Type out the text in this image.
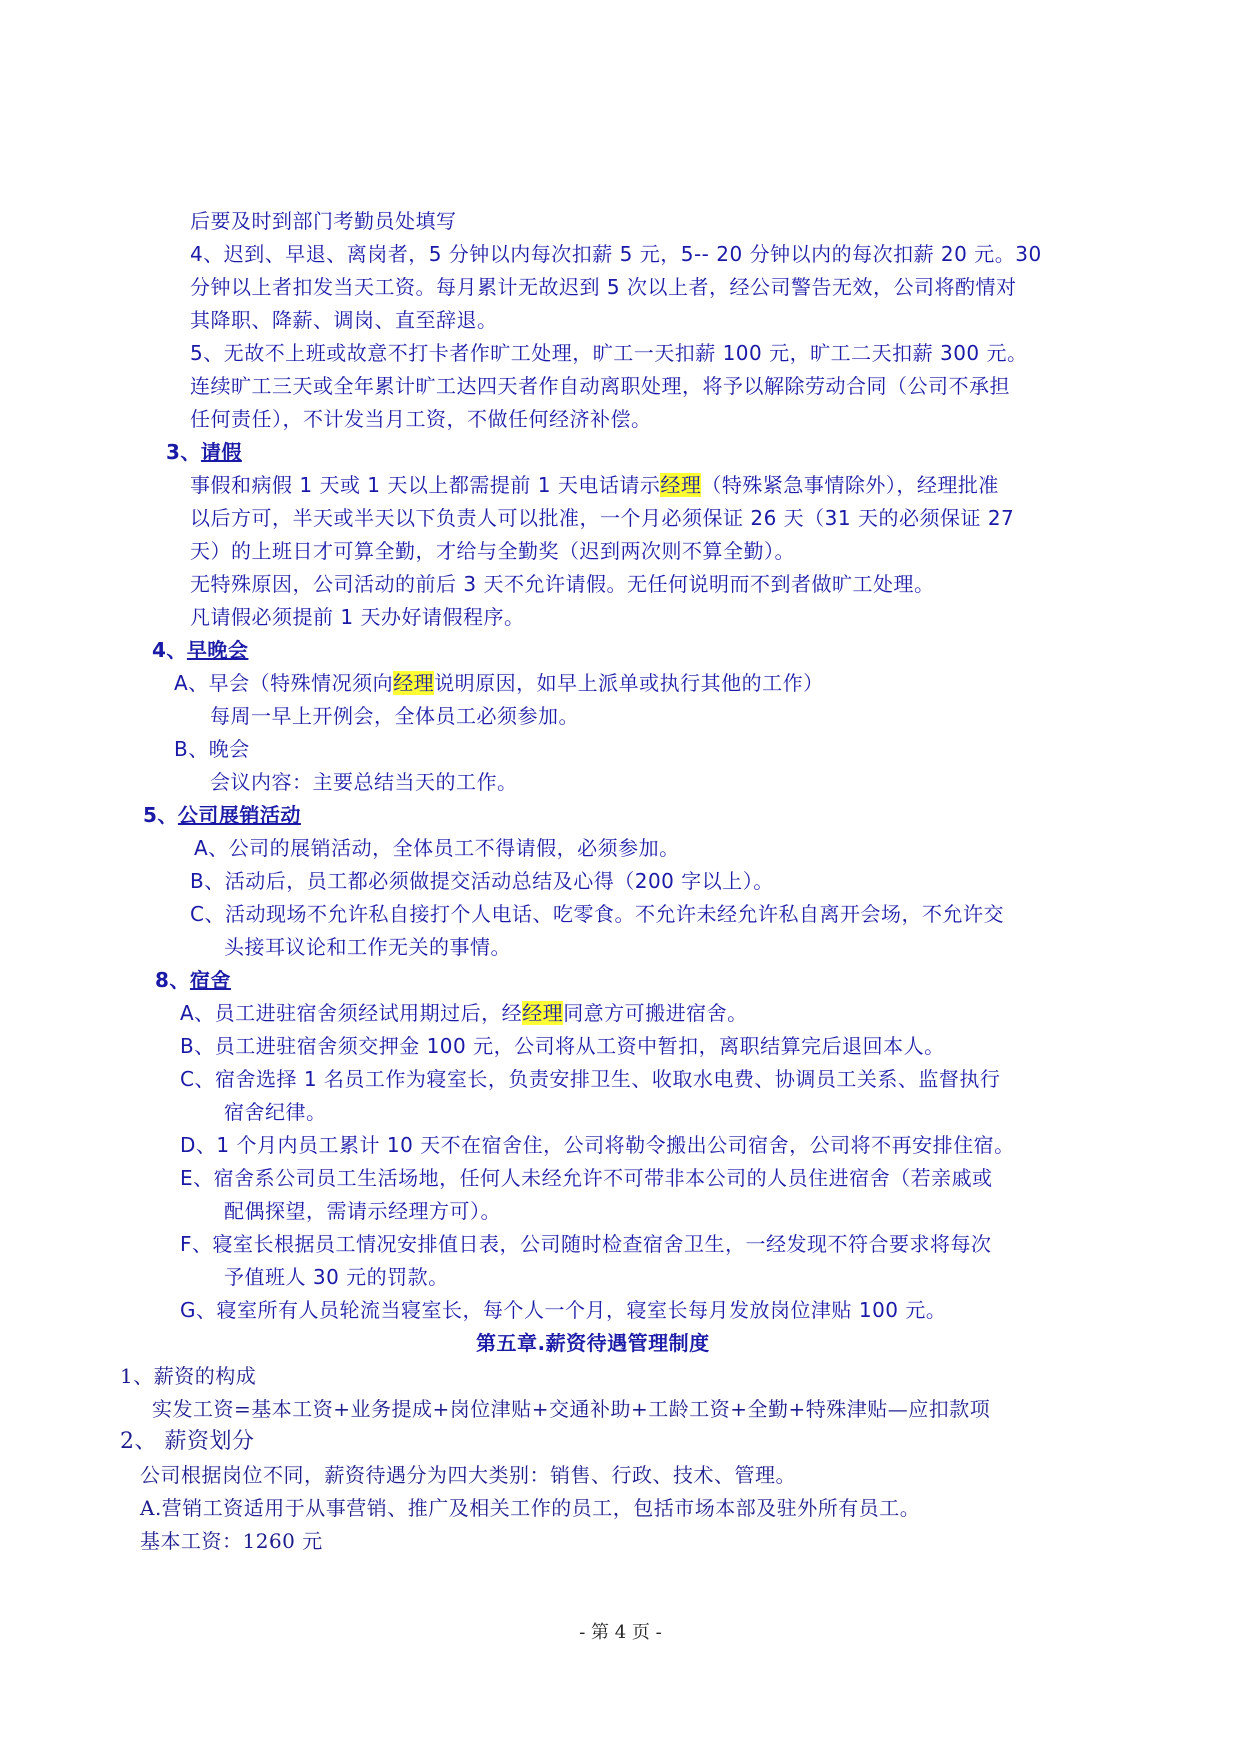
后要及时到部门考勤员处填写
4、迟到、早退、离岗者，5 分钟以内每次扣薪 5 元，5-- 20 分钟以内的每次扣薪 20 元。30
分钟以上者扣发当天工资。每月累计无故迟到 5 次以上者，经公司警告无效，公司将酌情对
其降职、降薪、调岗、直至辞退。
5、无故不上班或故意不打卡者作旷工处理，旷工一天扣薪 100 元，旷工二天扣薪 300 元。
连续旷工三天或全年累计旷工达四天者作自动离职处理，将予以解除劳动合同（公司不承担
任何责任），不计发当月工资，不做任何经济补偿。
3、请假
事假和病假 1 天或 1 天以上都需提前 1 天电话请示经理（特殊紧急事情除外），经理批准
以后方可，半天或半天以下负责人可以批准，一个月必须保证 26 天（31 天的必须保证 27
天）的上班日才可算全勤，才给与全勤奖（迟到两次则不算全勤）。
无特殊原因，公司活动的前后 3 天不允许请假。无任何说明而不到者做旷工处理。
凡请假必须提前 1 天办好请假程序。
4、早晚会
A、早会（特殊情况须向经理说明原因，如早上派单或执行其他的工作）
每周一早上开例会，全体员工必须参加。
B、晚会
会议内容：主要总结当天的工作。
5、公司展销活动
A、公司的展销活动，全体员工不得请假，必须参加。
B、活动后，员工都必须做提交活动总结及心得（200 字以上）。
C、活动现场不允许私自接打个人电话、吃零食。不允许未经允许私自离开会场，不允许交
头接耳议论和工作无关的事情。
8、宿舍
A、员工进驻宿舍须经试用期过后，经经理同意方可搬进宿舍。
B、员工进驻宿舍须交押金 100 元，公司将从工资中暂扣，离职结算完后退回本人。
C、宿舍选择 1 名员工作为寝室长，负责安排卫生、收取水电费、协调员工关系、监督执行
宿舍纪律。
D、1 个月内员工累计 10 天不在宿舍住，公司将勒令搬出公司宿舍，公司将不再安排住宿。
E、宿舍系公司员工生活场地，任何人未经允许不可带非本公司的人员住进宿舍（若亲戚或
配偶探望，需请示经理方可）。
F、寝室长根据员工情况安排值日表，公司随时检查宿舍卫生，一经发现不符合要求将每次
予值班人 30 元的罚款。
G、寝室所有人员轮流当寝室长，每个人一个月，寝室长每月发放岗位津贴 100 元。
第五章.薪资待遇管理制度
1、薪资的构成
实发工资=基本工资+业务提成+岗位津贴+交通补助+工龄工资+全勤+特殊津贴—应扣款项
2、 薪资划分
公司根据岗位不同，薪资待遇分为四大类别：销售、行政、技术、管理。
A.营销工资适用于从事营销、推广及相关工作的员工，包括市场本部及驻外所有员工。
基本工资：1260 元
- 第 4 页 -
